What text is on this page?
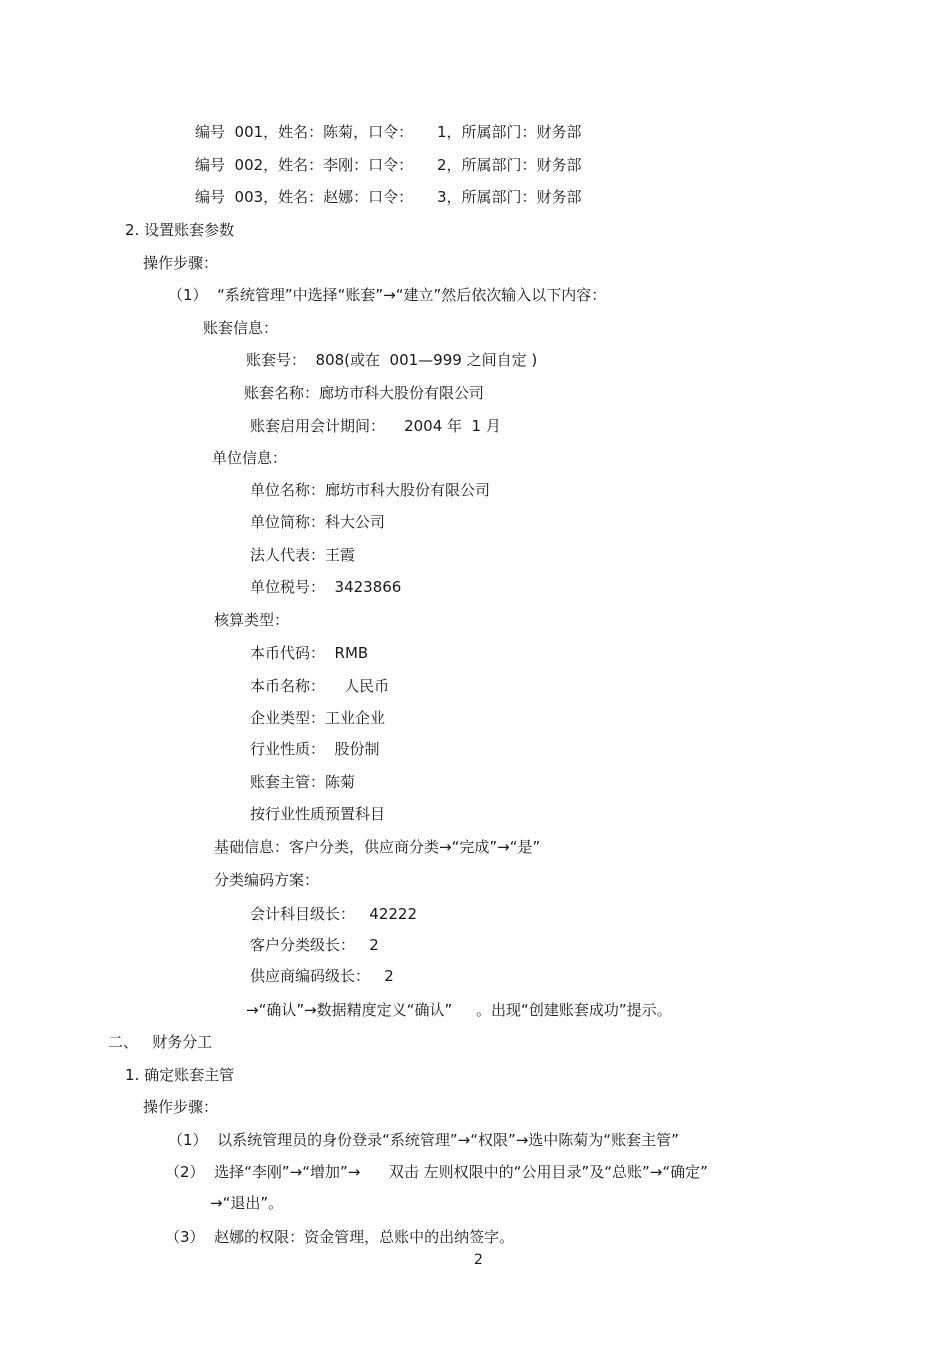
编号  001，姓名：陈菊，口令：     1，所属部门：财务部
编号  002，姓名：李刚：口令：     2，所属部门：财务部
编号  003，姓名：赵娜：口令：     3，所属部门：财务部
2. 设置账套参数
操作步骤：
（1）  “系统管理”中选择“账套”→“建立”然后依次输入以下内容：
账套信息：
账套号：  808(或在  001—999 之间自定 )
账套名称：廊坊市科大股份有限公司
账套启用会计期间：    2004 年  1 月
单位信息：
单位名称：廊坊市科大股份有限公司
单位简称：科大公司
法人代表：王霞
单位税号：  3423866
核算类型：
本币代码：  RMB
本币名称：    人民币
企业类型：工业企业
行业性质：  股份制
账套主管：陈菊
按行业性质预置科目
基础信息：客户分类，供应商分类→“完成”→“是”
分类编码方案：
会计科目级长：   42222
客户分类级长：   2
供应商编码级长：   2
→“确认”→数据精度定义“确认”     。出现“创建账套成功”提示。
二、   财务分工
1. 确定账套主管
操作步骤：
（1）  以系统管理员的身份登录“系统管理”→“权限”→选中陈菊为“账套主管”
（2）  选择“李刚”→“增加”→      双击 左则权限中的“公用目录”及“总账”→“确定”
→“退出”。
（3）  赵娜的权限：资金管理，总账中的出纳签字。
2
